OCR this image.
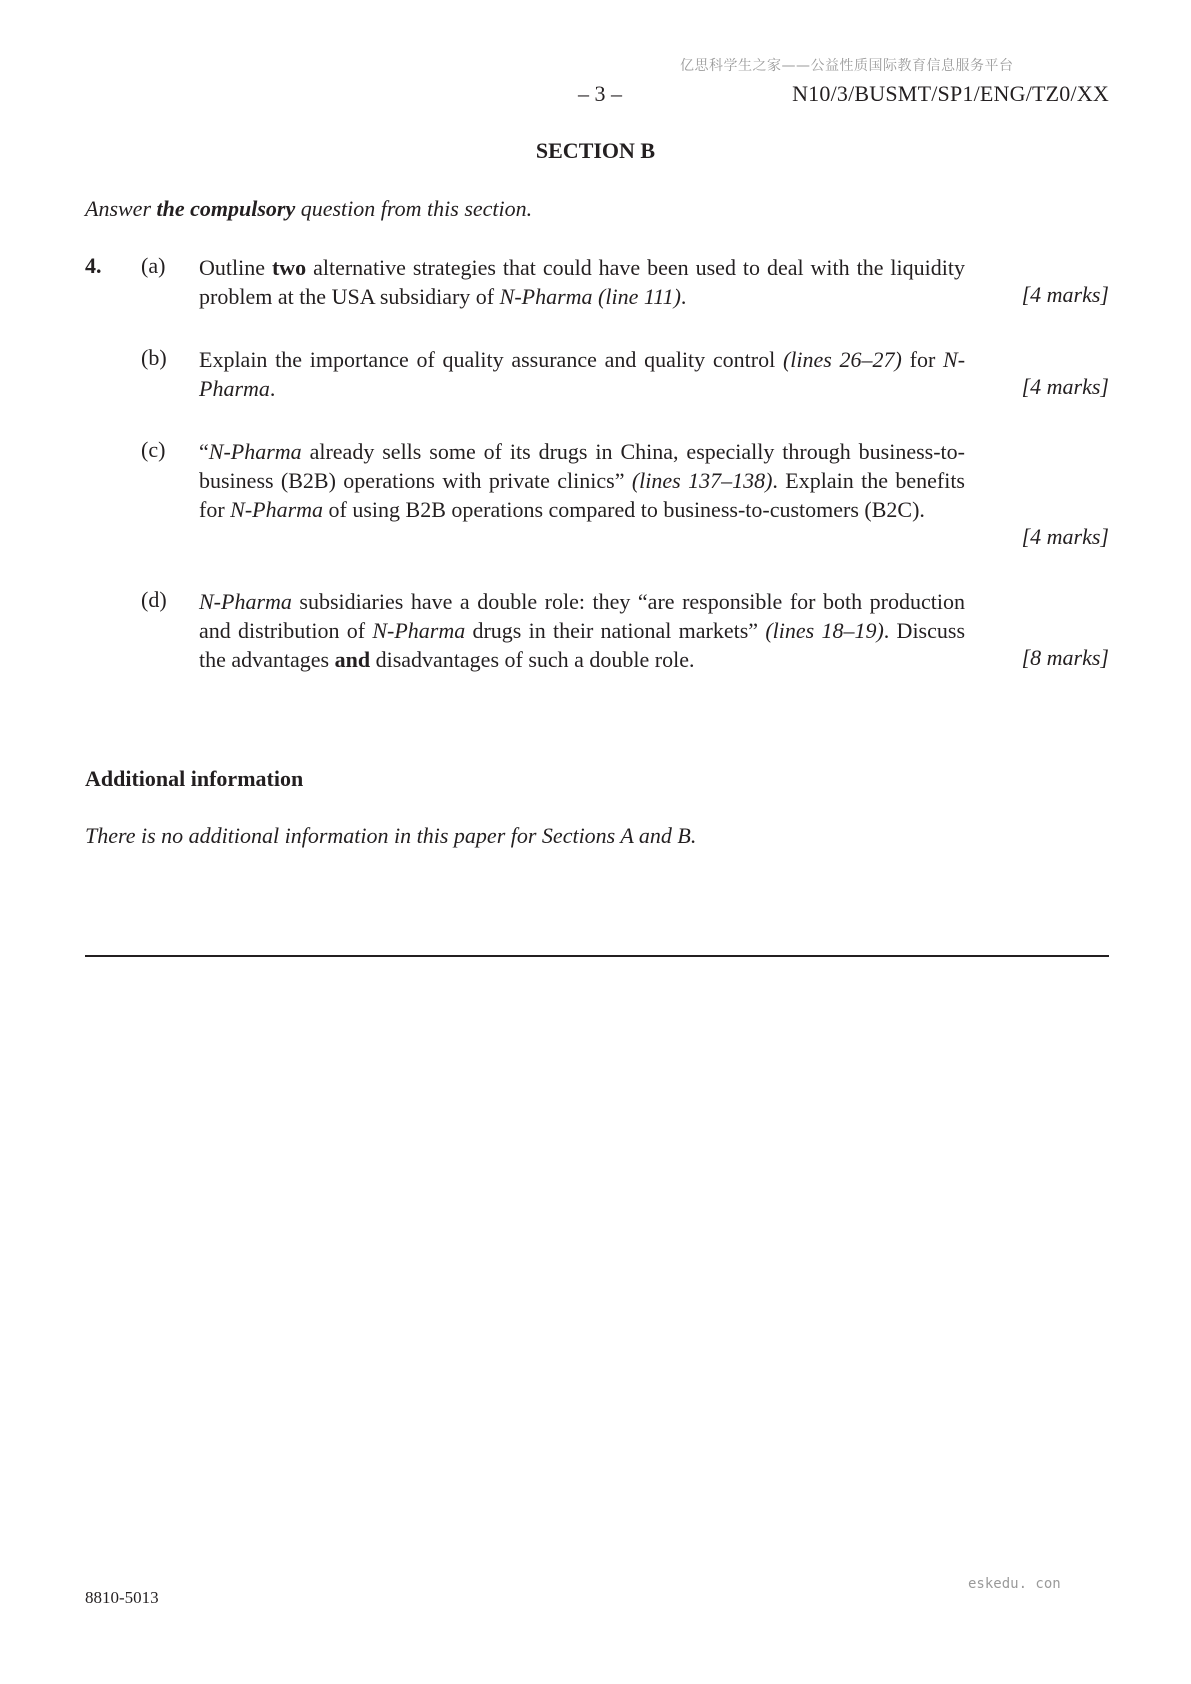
亿思科学生之家——公益性质国际教育信息服务平台
– 3 –	N10/3/BUSMT/SP1/ENG/TZ0/XX
SECTION B
Answer the compulsory question from this section.
4. (a) Outline two alternative strategies that could have been used to deal with the liquidity problem at the USA subsidiary of N-Pharma (line 111).	[4 marks]
(b) Explain the importance of quality assurance and quality control (lines 26–27) for N-Pharma.	[4 marks]
(c) “N-Pharma already sells some of its drugs in China, especially through business-to-business (B2B) operations with private clinics” (lines 137–138). Explain the benefits for N-Pharma of using B2B operations compared to business-to-customers (B2C).
[4 marks]
(d) N-Pharma subsidiaries have a double role: they “are responsible for both production and distribution of N-Pharma drugs in their national markets” (lines 18–19). Discuss the advantages and disadvantages of such a double role.	[8 marks]
Additional information
There is no additional information in this paper for Sections A and B.
8810-5013
eskedu. con
